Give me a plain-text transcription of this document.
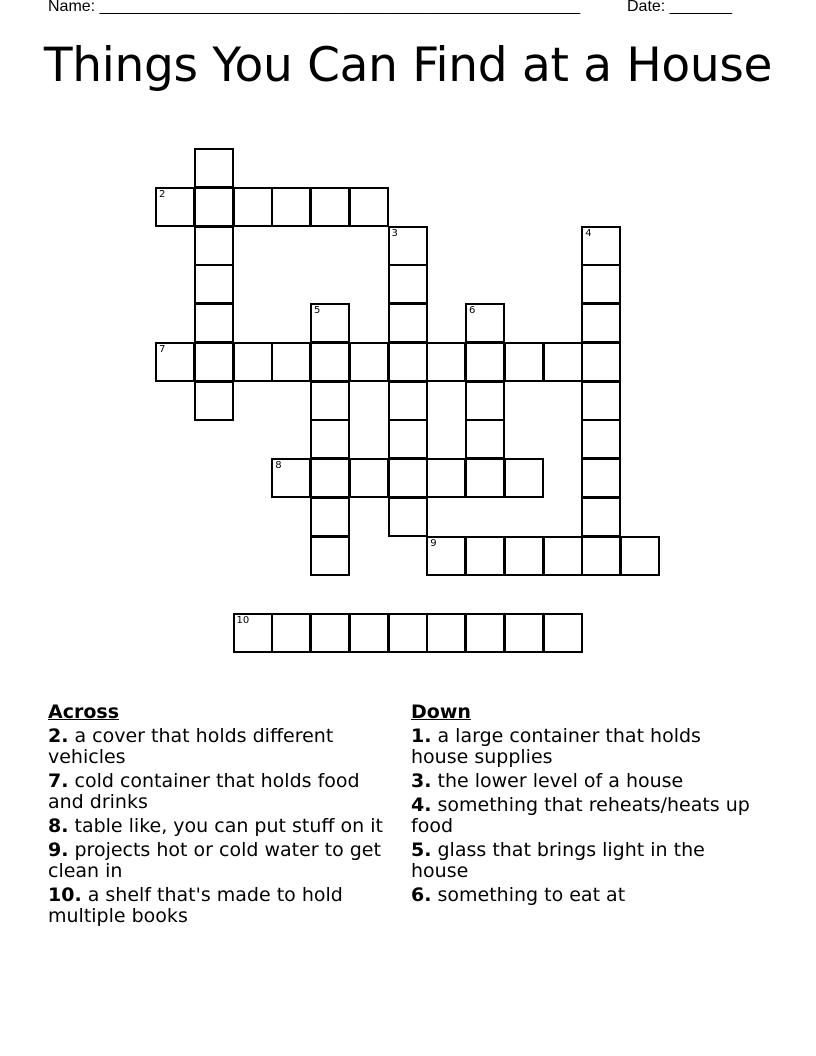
Name: ______________________________________________________	Date: _______
Things You Can Find at a House
2
3	4
5	6
7
8
9
10
Across
2. a cover that holds different vehicles
7. cold container that holds food and drinks
8. table like, you can put stuff on it
9. projects hot or cold water to get clean in
10. a shelf that's made to hold multiple books
Down
1. a large container that holds house supplies
3. the lower level of a house
4. something that reheats/heats up food
5. glass that brings light in the house
6. something to eat at
